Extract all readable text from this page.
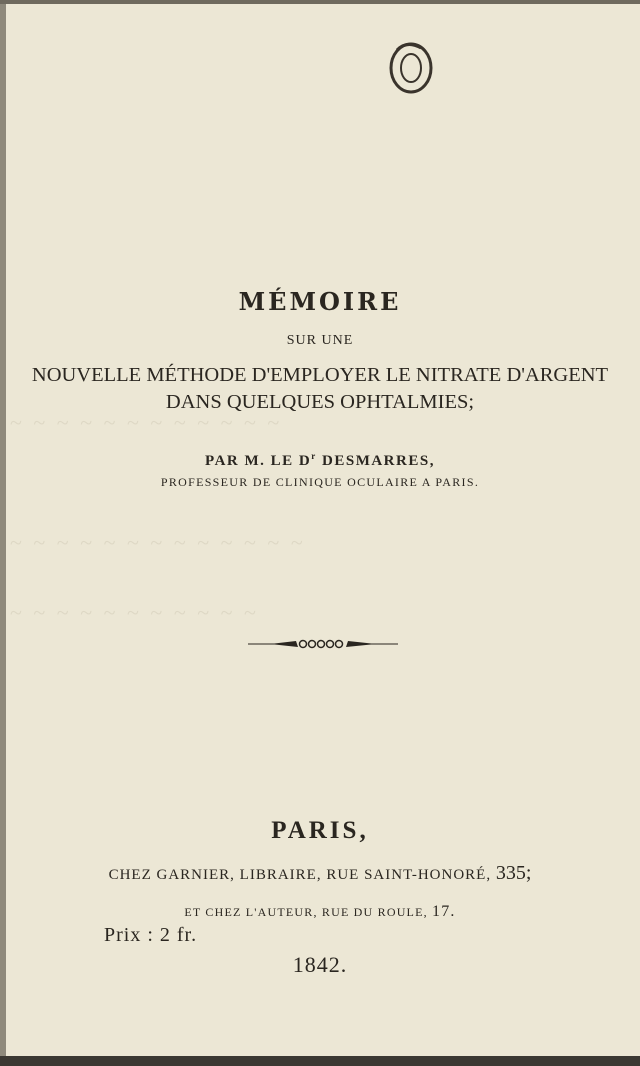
~ ~ ~ ~ ~ ~ ~ ~ ~ ~ ~ ~
~ ~ ~ ~ ~ ~ ~ ~ ~ ~ ~ ~ ~
~ ~ ~ ~ ~ ~ ~ ~ ~ ~ ~
MÉMOIRE
SUR UNE
NOUVELLE MÉTHODE D'EMPLOYER LE NITRATE D'ARGENT
DANS QUELQUES OPHTALMIES;
PAR M. LE $D^r$ DESMARRES,
PROFESSEUR DE CLINIQUE OCULAIRE A PARIS.
PARIS,
CHEZ GARNIER, LIBRAIRE, RUE SAINT-HONORÉ, 335;
ET CHEZ L'AUTEUR, RUE DU ROULE, 17.
Prix : 2 fr.
1842.
